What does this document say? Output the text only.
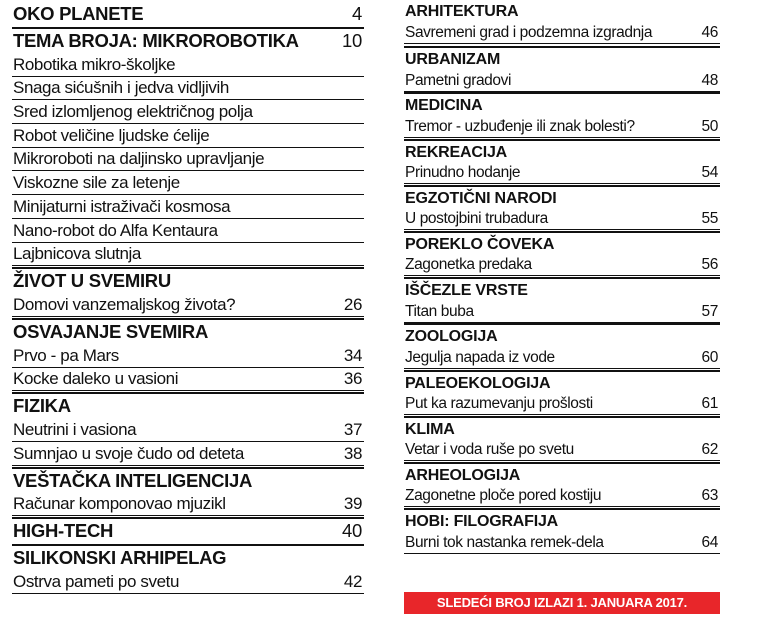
OKO PLANETE	4
TEMA BROJA: MIKROROBOTIKA 10
Robotika mikro-školjke
Snaga sićušnih i jedva vidljivih
Sred izlomljenog električnog polja
Robot veličine ljudske ćelije
Mikroroboti na daljinsko upravljanje
Viskozne sile za letenje
Minijaturni istraživači kosmosa
Nano-robot do Alfa Kentaura
Lajbnicova slutnja
ŽIVOT U SVEMIRU
Domovi vanzemaljskog života?	26
OSVAJANJE SVEMIRA
Prvo - pa Mars	34
Kocke daleko u vasioni	36
FIZIKA
Neutrini i vasiona	37
Sumnjao u svoje čudo od deteta	38
VEŠTAČKA INTELIGENCIJA
Računar komponovao mjuzikl	39
HIGH-TECH	40
SILIKONSKI ARHIPELAG
Ostrva pameti po svetu	42
ARHITEKTURA
Savremeni grad i podzemna izgradnja	46
URBANIZAM
Pametni gradovi	48
MEDICINA
Tremor - uzbuđenje ili znak bolesti?	50
REKREACIJA
Prinudno hodanje	54
EGZOTIČNI NARODI
U postojbini trubadura	55
POREKLO ČOVEKA
Zagonetka predaka	56
IŠČEZLE VRSTE
Titan buba	57
ZOOLOGIJA
Jegulja napada iz vode	60
PALEOEKOLOGIJA
Put ka razumevanju prošlosti	61
KLIMA
Vetar i voda ruše po svetu	62
ARHEOLOGIJA
Zagonetne ploče pored kostiju	63
HOBI: FILOGRAFIJA
Burni tok nastanka remek-dela	64
SLEDEĆI BROJ IZLAZI 1. JANUARA 2017.
